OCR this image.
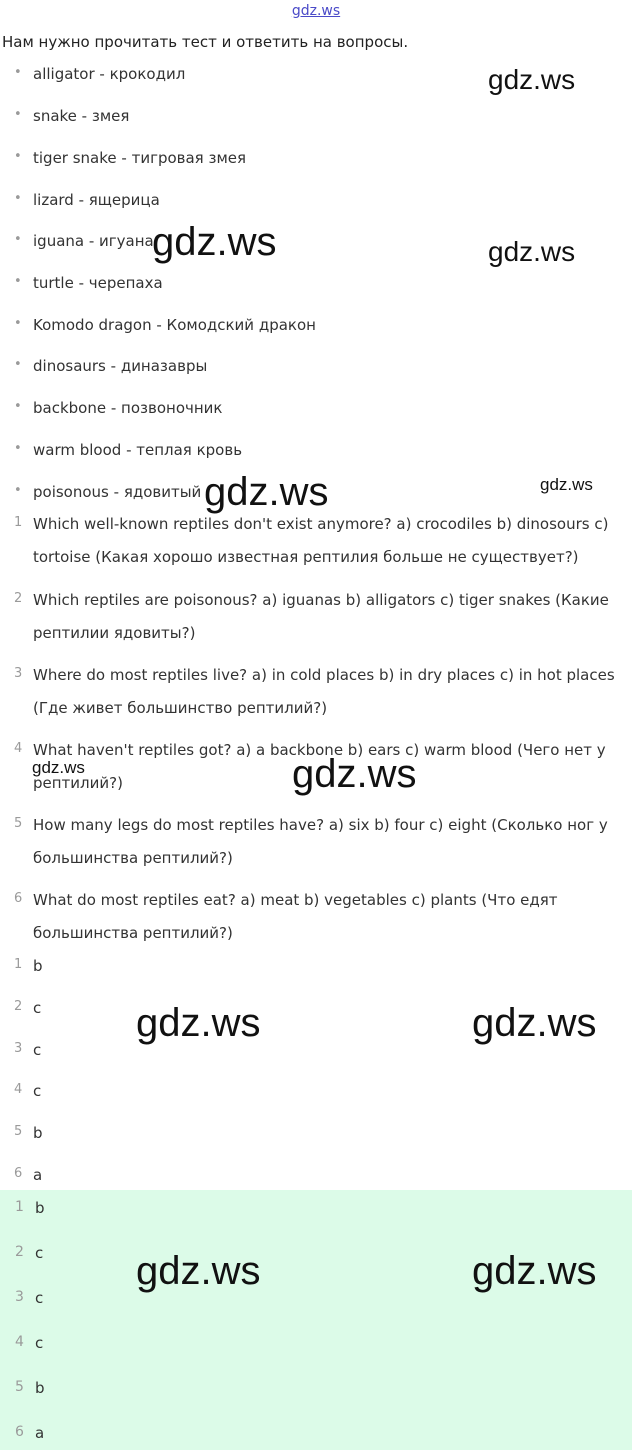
gdz.ws
Нам нужно прочитать тест и ответить на вопросы.
• alligator - крокодил
• snake - змея
• tiger snake - тигровая змея
• lizard - ящерица
• iguana - игуана
• turtle - черепаха
• Komodo dragon - Комодский дракон
• dinosaurs - диназавры
• backbone - позвоночник
• warm blood - теплая кровь
• poisonous - ядовитый
1 Which well-known reptiles don't exist anymore? a) crocodiles b) dinosours c)
tortoise (Какая хорошо известная рептилия больше не существует?)
2 Which reptiles are poisonous? a) iguanas b) alligators c) tiger snakes (Какие
рептилии ядовиты?)
3 Where do most reptiles live? a) in cold places b) in dry places c) in hot places
(Где живет большинство рептилий?)
4 What haven't reptiles got? a) a backbone b) ears c) warm blood (Чего нет у
рептилий?)
5 How many legs do most reptiles have? a) six b) four c) eight (Сколько ног у
большинства рептилий?)
6 What do most reptiles eat? a) meat b) vegetables c) plants (Что едят
большинства рептилий?)
1 b
2 c
3 c
4 c
5 b
6 a
1 b
2 c
3 c
4 c
5 b
6 a
gdz.ws
gdz.ws	gdz.ws
gdz.ws	gdz.ws
gdz.ws	gdz.ws
gdz.ws	gdz.ws
gdz.ws	gdz.ws
